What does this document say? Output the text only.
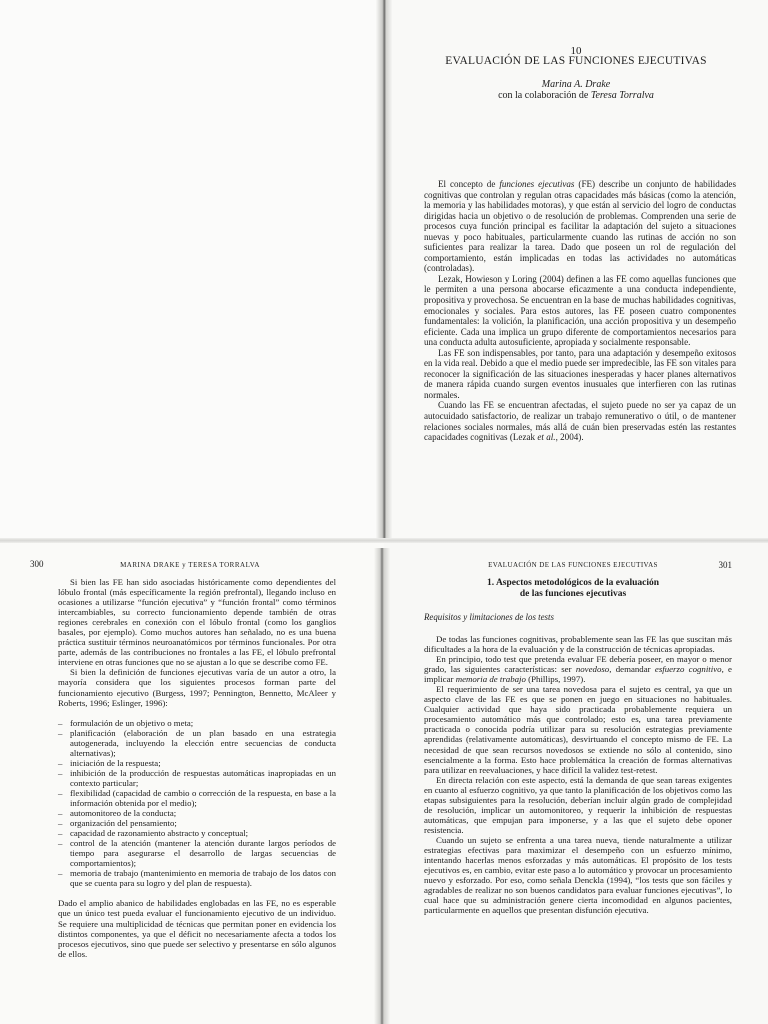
10
EVALUACIÓN DE LAS FUNCIONES EJECUTIVAS
Marina A. Drake
con la colaboración de Teresa Torralva

El concepto de funciones ejecutivas (FE) describe un conjunto de habilidades cognitivas que controlan y regulan otras capacidades más básicas (como la atención, la memoria y las habilidades motoras), y que están al servicio del logro de conductas dirigidas hacia un objetivo o de resolución de problemas. Comprenden una serie de procesos cuya función principal es facilitar la adaptación del sujeto a situaciones nuevas y poco habituales, particularmente cuando las rutinas de acción no son suficientes para realizar la tarea. Dado que poseen un rol de regulación del comportamiento, están implicadas en todas las actividades no automáticas (controladas).

Lezak, Howieson y Loring (2004) definen a las FE como aquellas funciones que le permiten a una persona abocarse eficazmente a una conducta independiente, propositiva y provechosa. Se encuentran en la base de muchas habilidades cognitivas, emocionales y sociales. Para estos autores, las FE poseen cuatro componentes fundamentales: la volición, la planificación, una acción propositiva y un desempeño eficiente. Cada una implica un grupo diferente de comportamientos necesarios para una conducta adulta autosuficiente, apropiada y socialmente responsable.

Las FE son indispensables, por tanto, para una adaptación y desempeño exitosos en la vida real. Debido a que el medio puede ser impredecible, las FE son vitales para reconocer la significación de las situaciones inesperadas y hacer planes alternativos de manera rápida cuando surgen eventos inusuales que interfieren con las rutinas normales.

Cuando las FE se encuentran afectadas, el sujeto puede no ser ya capaz de un autocuidado satisfactorio, de realizar un trabajo remunerativo o útil, o de mantener relaciones sociales normales, más allá de cuán bien preservadas estén las restantes capacidades cognitivas (Lezak et al., 2004).

300	MARINA DRAKE y TERESA TORRALVA

Si bien las FE han sido asociadas históricamente como dependientes del lóbulo frontal (más específicamente la región prefrontal), llegando incluso en ocasiones a utilizarse “función ejecutiva” y “función frontal” como términos intercambiables, su correcto funcionamiento depende también de otras regiones cerebrales en conexión con el lóbulo frontal (como los ganglios basales, por ejemplo). Como muchos autores han señalado, no es una buena práctica sustituir términos neuroanatómicos por términos funcionales. Por otra parte, además de las contribuciones no frontales a las FE, el lóbulo prefrontal interviene en otras funciones que no se ajustan a lo que se describe como FE.

Si bien la definición de funciones ejecutivas varía de un autor a otro, la mayoría considera que los siguientes procesos forman parte del funcionamiento ejecutivo (Burgess, 1997; Pennington, Bennetto, McAleer y Roberts, 1996; Eslinger, 1996):

– formulación de un objetivo o meta;
– planificación (elaboración de un plan basado en una estrategia autogenerada, incluyendo la elección entre secuencias de conducta alternativas);
– iniciación de la respuesta;
– inhibición de la producción de respuestas automáticas inapropiadas en un contexto particular;
– flexibilidad (capacidad de cambio o corrección de la respuesta, en base a la información obtenida por el medio);
– automonitoreo de la conducta;
– organización del pensamiento;
– capacidad de razonamiento abstracto y conceptual;
– control de la atención (mantener la atención durante largos períodos de tiempo para asegurarse el desarrollo de largas secuencias de comportamientos);
– memoria de trabajo (mantenimiento en memoria de trabajo de los datos con que se cuenta para su logro y del plan de respuesta).

Dado el amplio abanico de habilidades englobadas en las FE, no es esperable que un único test pueda evaluar el funcionamiento ejecutivo de un individuo. Se requiere una multiplicidad de técnicas que permitan poner en evidencia los distintos componentes, ya que el déficit no necesariamente afecta a todos los procesos ejecutivos, sino que puede ser selectivo y presentarse en sólo algunos de ellos.

EVALUACIÓN DE LAS FUNCIONES EJECUTIVAS	301
1. Aspectos metodológicos de la evaluación
de las funciones ejecutivas
Requisitos y limitaciones de los tests

De todas las funciones cognitivas, probablemente sean las FE las que suscitan más dificultades a la hora de la evaluación y de la construcción de técnicas apropiadas.

En principio, todo test que pretenda evaluar FE debería poseer, en mayor o menor grado, las siguientes características: ser novedoso, demandar esfuerzo cognitivo, e implicar memoria de trabajo (Phillips, 1997).

El requerimiento de ser una tarea novedosa para el sujeto es central, ya que un aspecto clave de las FE es que se ponen en juego en situaciones no habituales. Cualquier actividad que haya sido practicada probablemente requiera un procesamiento automático más que controlado; esto es, una tarea previamente practicada o conocida podría utilizar para su resolución estrategias previamente aprendidas (relativamente automáticas), desvirtuando el concepto mismo de FE. La necesidad de que sean recursos novedosos se extiende no sólo al contenido, sino esencialmente a la forma. Esto hace problemática la creación de formas alternativas para utilizar en reevaluaciones, y hace difícil la validez test-retest.

En directa relación con este aspecto, está la demanda de que sean tareas exigentes en cuanto al esfuerzo cognitivo, ya que tanto la planificación de los objetivos como las etapas subsiguientes para la resolución, deberían incluir algún grado de complejidad de resolución, implicar un automonitoreo, y requerir la inhibición de respuestas automáticas, que empujan para imponerse, y a las que el sujeto debe oponer resistencia.

Cuando un sujeto se enfrenta a una tarea nueva, tiende naturalmente a utilizar estrategias efectivas para maximizar el desempeño con un esfuerzo mínimo, intentando hacerlas menos esforzadas y más automáticas. El propósito de los tests ejecutivos es, en cambio, evitar este paso a lo automático y provocar un procesamiento nuevo y esforzado. Por eso, como señala Denckla (1994), “los tests que son fáciles y agradables de realizar no son buenos candidatos para evaluar funciones ejecutivas”, lo cual hace que su administración genere cierta incomodidad en algunos pacientes, particularmente en aquellos que presentan disfunción ejecutiva.
